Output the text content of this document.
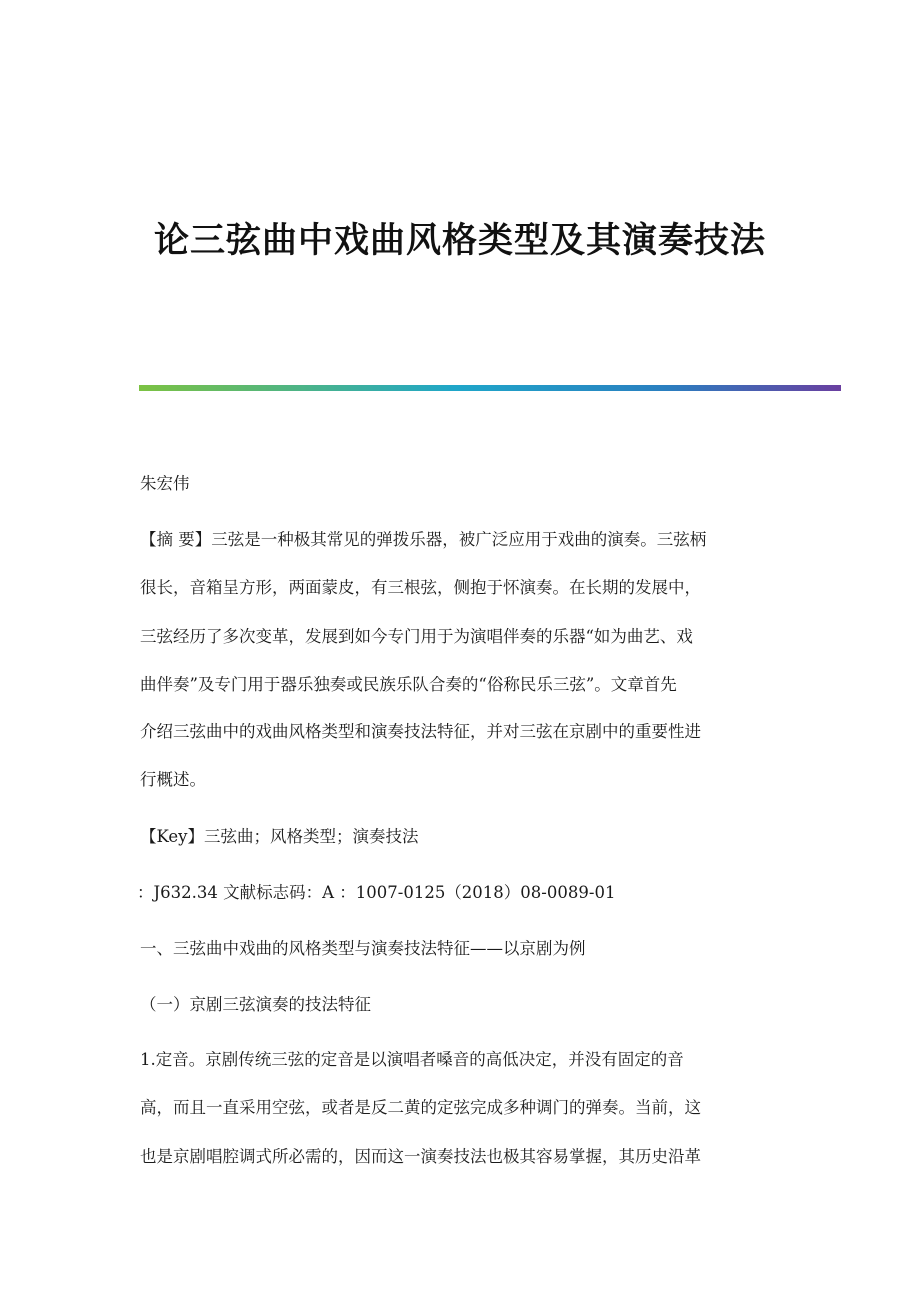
论三弦曲中戏曲风格类型及其演奏技法

朱宏伟

【摘 要】三弦是一种极其常见的弹拨乐器，被广泛应用于戏曲的演奏。三弦柄

很长，音箱呈方形，两面蒙皮，有三根弦，侧抱于怀演奏。在长期的发展中，

三弦经历了多次变革，发展到如今专门用于为演唱伴奏的乐器“如为曲艺、戏

曲伴奏”及专门用于器乐独奏或民族乐队合奏的“俗称民乐三弦”。文章首先

介绍三弦曲中的戏曲风格类型和演奏技法特征，并对三弦在京剧中的重要性进

行概述。

【Key】三弦曲；风格类型；演奏技法

：J632.34 文献标志码：A ：1007-0125（2018）08-0089-01

一、三弦曲中戏曲的风格类型与演奏技法特征——以京剧为例

（一）京剧三弦演奏的技法特征

1.定音。京剧传统三弦的定音是以演唱者嗓音的高低决定，并没有固定的音

高，而且一直采用空弦，或者是反二黄的定弦完成多种调门的弹奏。当前，这

也是京剧唱腔调式所必需的，因而这一演奏技法也极其容易掌握，其历史沿革
